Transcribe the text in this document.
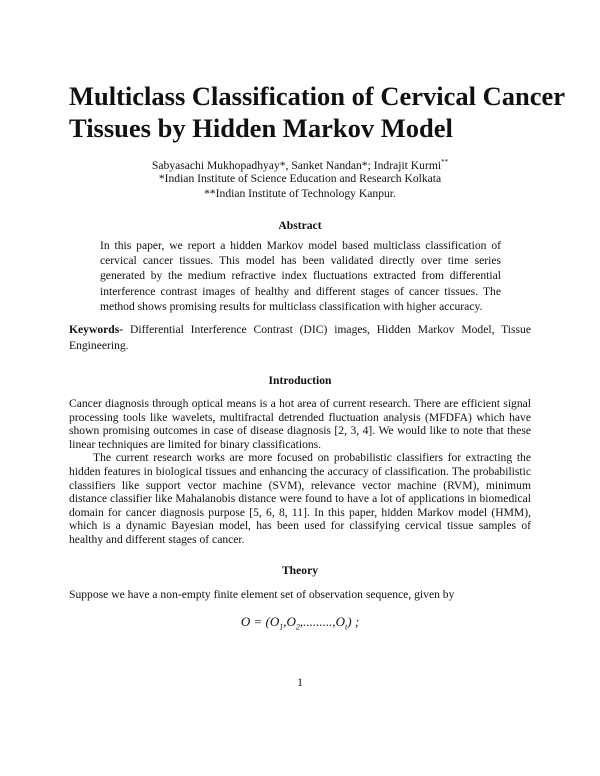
Multiclass Classification of Cervical Cancer
Tissues by Hidden Markov Model
Sabyasachi Mukhopadhyay*, Sanket Nandan*; Indrajit Kurmi**
*Indian Institute of Science Education and Research Kolkata
**Indian Institute of Technology Kanpur.
Abstract
In this paper, we report a hidden Markov model based multiclass classification of
cervical cancer tissues. This model has been validated directly over time series
generated by the medium refractive index fluctuations extracted from differential
interference contrast images of healthy and different stages of cancer tissues. The
method shows promising results for multiclass classification with higher accuracy.
Keywords- Differential Interference Contrast (DIC) images, Hidden Markov Model, Tissue
Engineering.
Introduction
Cancer diagnosis through optical means is a hot area of current research. There are efficient signal
processing tools like wavelets, multifractal detrended fluctuation analysis (MFDFA) which have
shown promising outcomes in case of disease diagnosis [2, 3, 4]. We would like to note that these
linear techniques are limited for binary classifications.
The current research works are more focused on probabilistic classifiers for extracting the
hidden features in biological tissues and enhancing the accuracy of classification. The probabilistic
classifiers like support vector machine (SVM), relevance vector machine (RVM), minimum
distance classifier like Mahalanobis distance were found to have a lot of applications in biomedical
domain for cancer diagnosis purpose [5, 6, 8, 11]. In this paper, hidden Markov model (HMM),
which is a dynamic Bayesian model, has been used for classifying cervical tissue samples of
healthy and different stages of cancer.
Theory
Suppose we have a non-empty finite element set of observation sequence, given by
$O = (O_1,O_2,.........,O_t)$ ;
1
